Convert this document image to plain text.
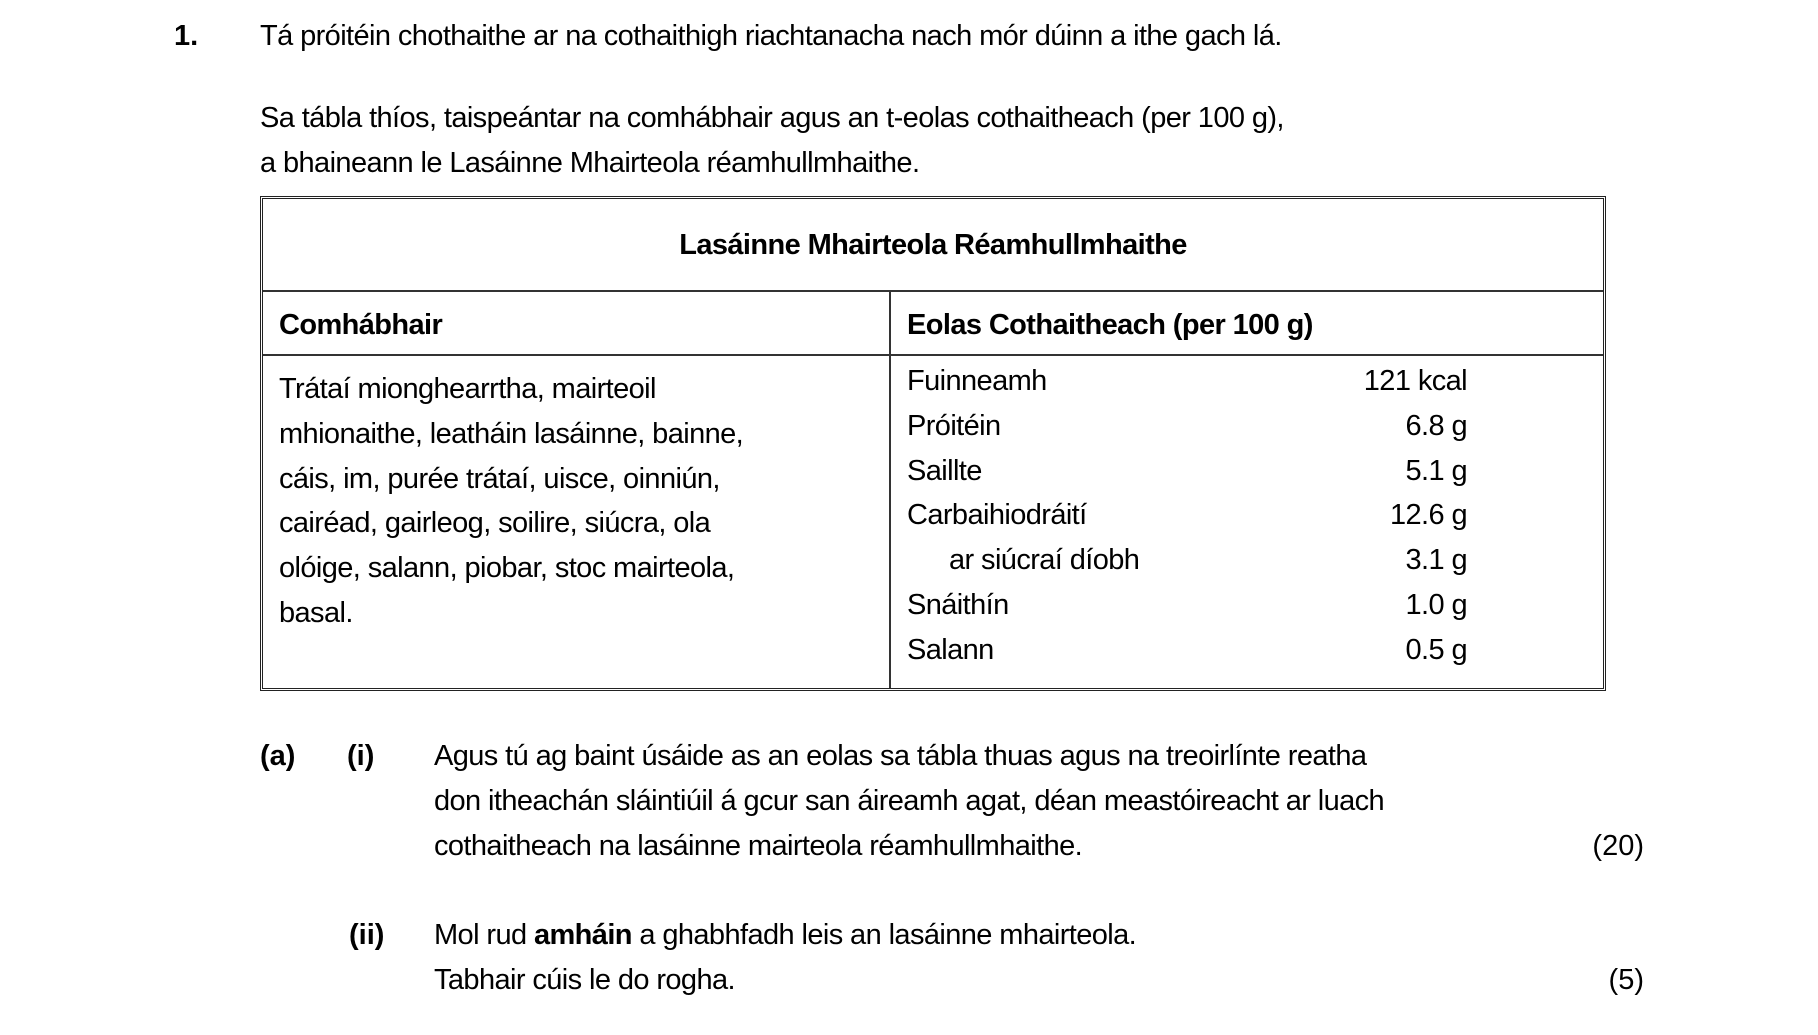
1. Tá próitéin chothaithe ar na cothaithigh riachtanacha nach mór dúinn a ithe gach lá.
Sa tábla thíos, taispeántar na comhábhair agus an t-eolas cothaitheach (per 100 g),
a bhaineann le Lasáinne Mhairteola réamhullmhaithe.
Lasáinne Mhairteola Réamhullmhaithe
Comhábhair	Eolas Cothaitheach (per 100 g)
Trátaí mionghearrtha, mairteoil
mhionaithe, leatháin lasáinne, bainne,
cáis, im, purée trátaí, uisce, oinniún,
cairéad, gairleog, soilire, siúcra, ola
olóige, salann, piobar, stoc mairteola,
basal.
Fuinneamh	121 kcal
Próitéin	6.8 g
Saillte	5.1 g
Carbaihiodráití	12.6 g
ar siúcraí díobh	3.1 g
Snáithín	1.0 g
Salann	0.5 g
(a) (i) Agus tú ag baint úsáide as an eolas sa tábla thuas agus na treoirlínte reatha
don itheachán sláintiúil á gcur san áireamh agat, déan meastóireacht ar luach
cothaitheach na lasáinne mairteola réamhullmhaithe.	(20)
(ii) Mol rud amháin a ghabhfadh leis an lasáinne mhairteola.
Tabhair cúis le do rogha.	(5)
